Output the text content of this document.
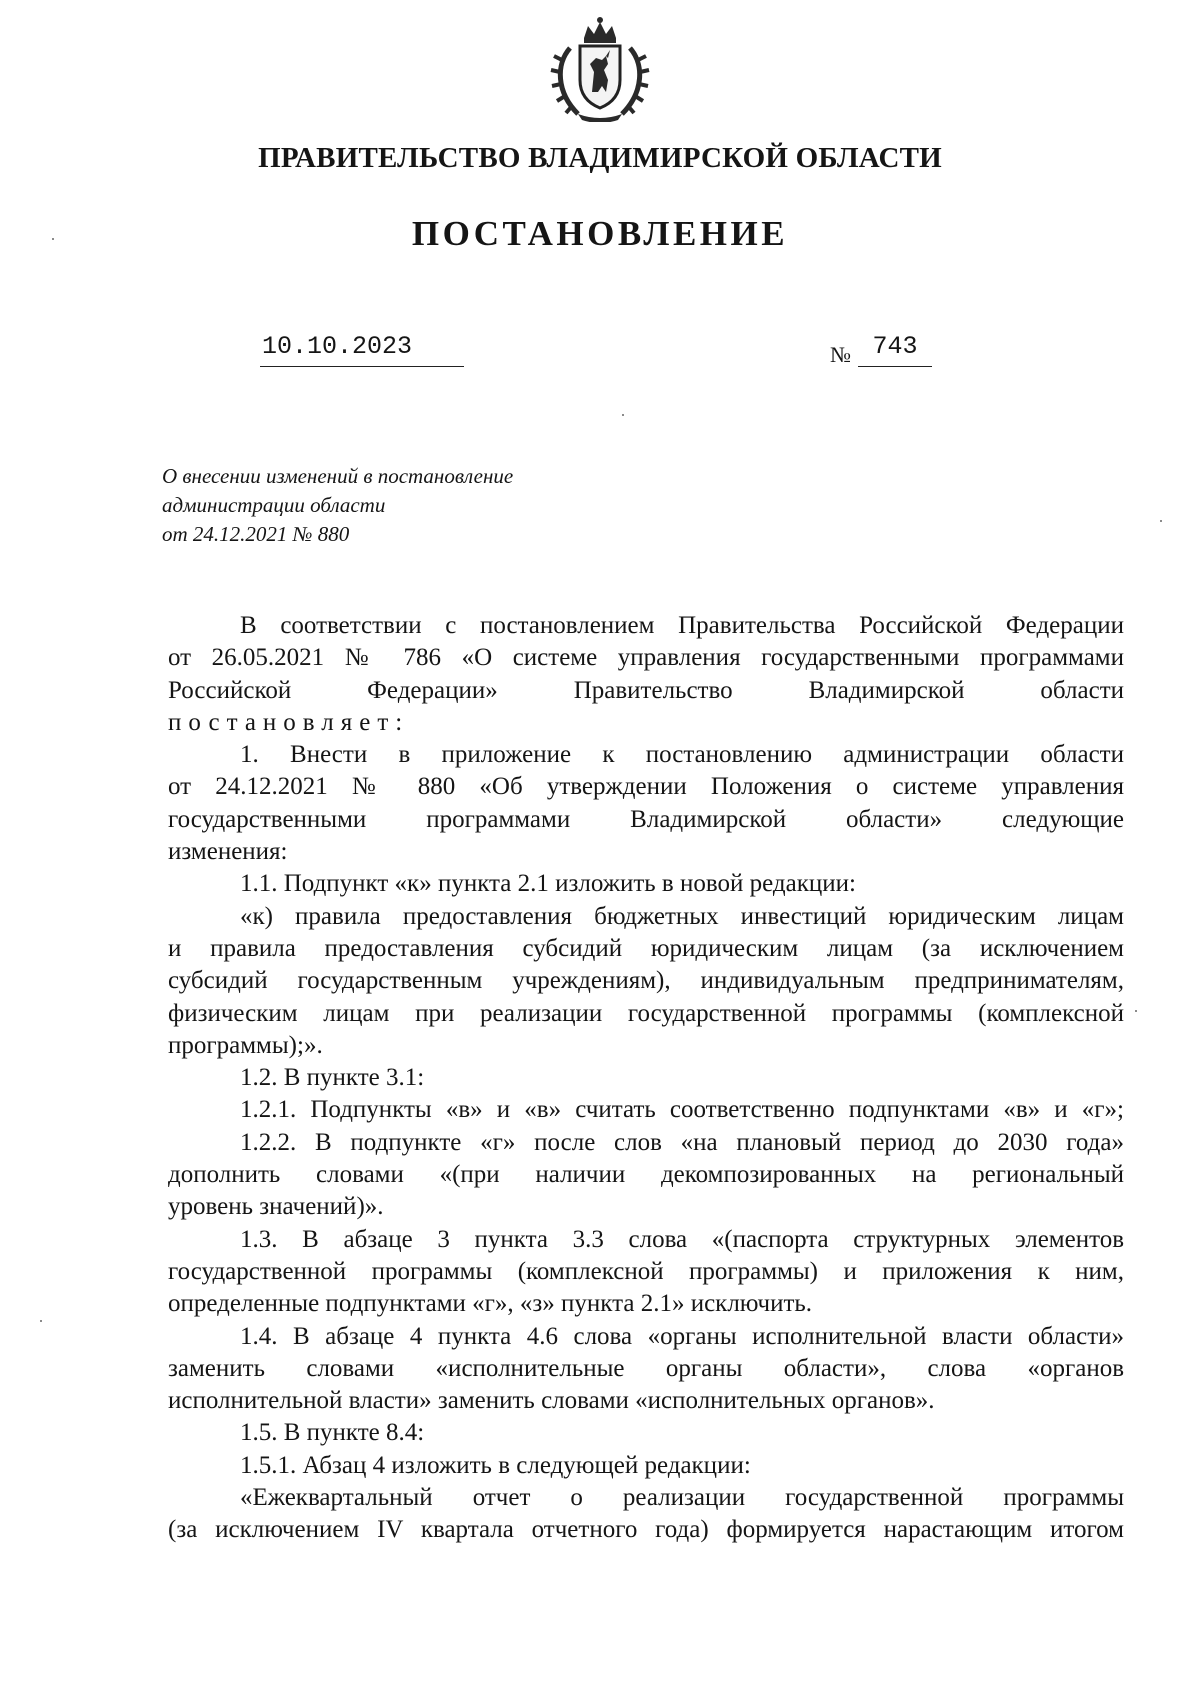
ПРАВИТЕЛЬСТВО ВЛАДИМИРСКОЙ ОБЛАСТИ
ПОСТАНОВЛЕНИЕ
10.10.2023	№ 743
О внесении изменений в постановление
администрации области
от 24.12.2021 № 880
В соответствии с постановлением Правительства Российской Федерации
от 26.05.2021 № 786 «О системе управления государственными программами
Российской Федерации» Правительство Владимирской области
постановляет:
1. Внести в приложение к постановлению администрации области
от 24.12.2021 № 880 «Об утверждении Положения о системе управления
государственными программами Владимирской области» следующие
изменения:
1.1. Подпункт «к» пункта 2.1 изложить в новой редакции:
«к) правила предоставления бюджетных инвестиций юридическим лицам
и правила предоставления субсидий юридическим лицам (за исключением
субсидий государственным учреждениям), индивидуальным предпринимателям,
физическим лицам при реализации государственной программы (комплексной
программы);».
1.2. В пункте 3.1:
1.2.1. Подпункты «в» и «в» считать соответственно подпунктами «в» и «г»;
1.2.2. В подпункте «г» после слов «на плановый период до 2030 года»
дополнить словами «(при наличии декомпозированных на региональный
уровень значений)».
1.3. В абзаце 3 пункта 3.3 слова «(паспорта структурных элементов
государственной программы (комплексной программы) и приложения к ним,
определенные подпунктами «г», «з» пункта 2.1» исключить.
1.4. В абзаце 4 пункта 4.6 слова «органы исполнительной власти области»
заменить словами «исполнительные органы области», слова «органов
исполнительной власти» заменить словами «исполнительных органов».
1.5. В пункте 8.4:
1.5.1. Абзац 4 изложить в следующей редакции:
«Ежеквартальный отчет о реализации государственной программы
(за исключением IV квартала отчетного года) формируется нарастающим итогом
